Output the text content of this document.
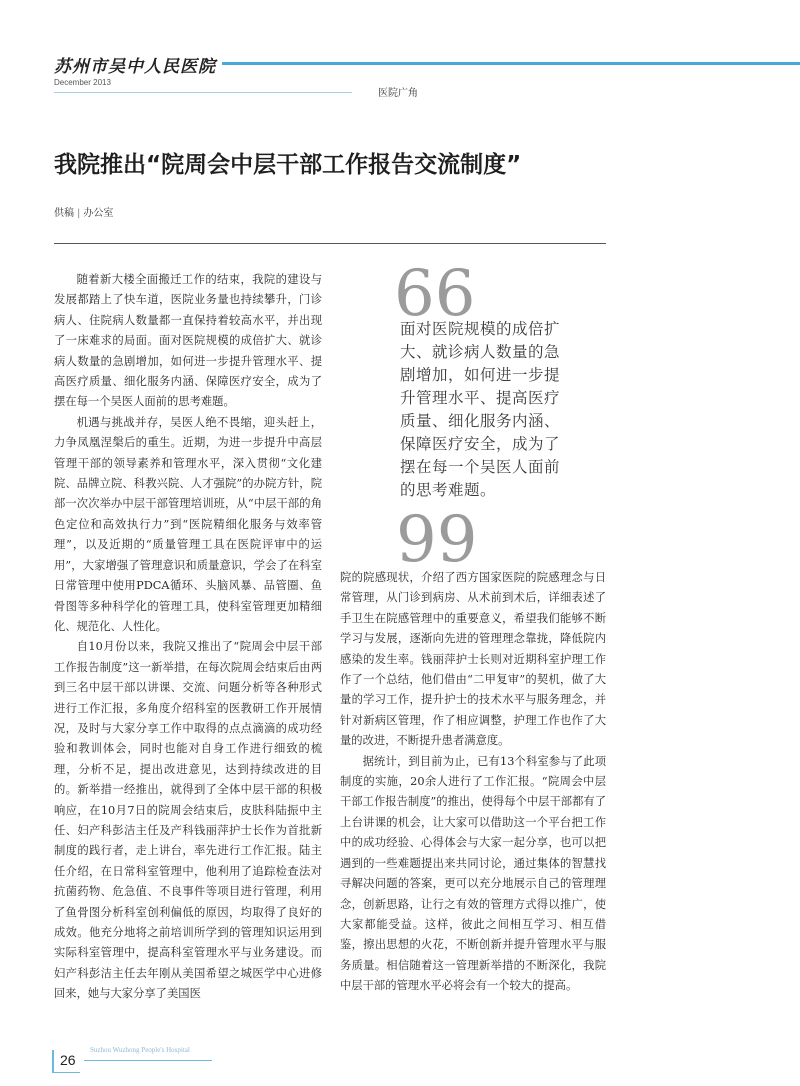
苏州市吴中人民医院
December 2013
医院广角
我院推出“院周会中层干部工作报告交流制度”
供稿 | 办公室

随着新大楼全面搬迁工作的结束，我院的建设与发展都踏上了快车道，医院业务量也持续攀升，门诊病人、住院病人数量都一直保持着较高水平，并出现了一床难求的局面。面对医院规模的成倍扩大、就诊病人数量的急剧增加，如何进一步提升管理水平、提高医疗质量、细化服务内涵、保障医疗安全，成为了摆在每一个吴医人面前的思考难题。

机遇与挑战并存，吴医人绝不畏缩，迎头赶上，力争凤凰涅槃后的重生。近期，为进一步提升中高层管理干部的领导素养和管理水平，深入贯彻“文化建院、品牌立院、科教兴院、人才强院”的办院方针，院部一次次举办中层干部管理培训班，从“中层干部的角色定位和高效执行力”到“医院精细化服务与效率管理”，以及近期的“质量管理工具在医院评审中的运用”，大家增强了管理意识和质量意识，学会了在科室日常管理中使用PDCA循环、头脑风暴、品管圈、鱼骨图等多种科学化的管理工具，使科室管理更加精细化、规范化、人性化。

自10月份以来，我院又推出了“院周会中层干部工作报告制度”这一新举措，在每次院周会结束后由两到三名中层干部以讲课、交流、问题分析等各种形式进行工作汇报，多角度介绍科室的医教研工作开展情况，及时与大家分享工作中取得的点点滴滴的成功经验和教训体会，同时也能对自身工作进行细致的梳理，分析不足，提出改进意见，达到持续改进的目的。新举措一经推出，就得到了全体中层干部的积极响应，在10月7日的院周会结束后，皮肤科陆振中主任、妇产科彭洁主任及产科钱丽萍护士长作为首批新制度的践行者，走上讲台，率先进行工作汇报。陆主任介绍，在日常科室管理中，他利用了追踪检查法对抗菌药物、危急值、不良事件等项目进行管理，利用了鱼骨图分析科室创利偏低的原因，均取得了良好的成效。他充分地将之前培训所学到的管理知识运用到实际科室管理中，提高科室管理水平与业务建设。而妇产科彭洁主任去年刚从美国希望之城医学中心进修回来，她与大家分享了美国医

66
面对医院规模的成倍扩大、就诊病人数量的急剧增加，如何进一步提升管理水平、提高医疗质量、细化服务内涵、保障医疗安全，成为了摆在每一个吴医人面前的思考难题。
99

院的院感现状，介绍了西方国家医院的院感理念与日常管理，从门诊到病房、从术前到术后，详细表述了手卫生在院感管理中的重要意义，希望我们能够不断学习与发展，逐渐向先进的管理理念靠拢，降低院内感染的发生率。钱丽萍护士长则对近期科室护理工作作了一个总结，他们借由“二甲复审”的契机，做了大量的学习工作，提升护士的技术水平与服务理念，并针对新病区管理，作了相应调整，护理工作也作了大量的改进，不断提升患者满意度。

据统计，到目前为止，已有13个科室参与了此项制度的实施，20余人进行了工作汇报。“院周会中层干部工作报告制度”的推出，使得每个中层干部都有了上台讲课的机会，让大家可以借助这一个平台把工作中的成功经验、心得体会与大家一起分享，也可以把遇到的一些难题提出来共同讨论，通过集体的智慧找寻解决问题的答案，更可以充分地展示自己的管理理念，创新思路，让行之有效的管理方式得以推广，使大家都能受益。这样，彼此之间相互学习、相互借鉴，擦出思想的火花，不断创新并提升管理水平与服务质量。相信随着这一管理新举措的不断深化，我院中层干部的管理水平必将会有一个较大的提高。

26
Suzhou Wuzhong People's Hospital
